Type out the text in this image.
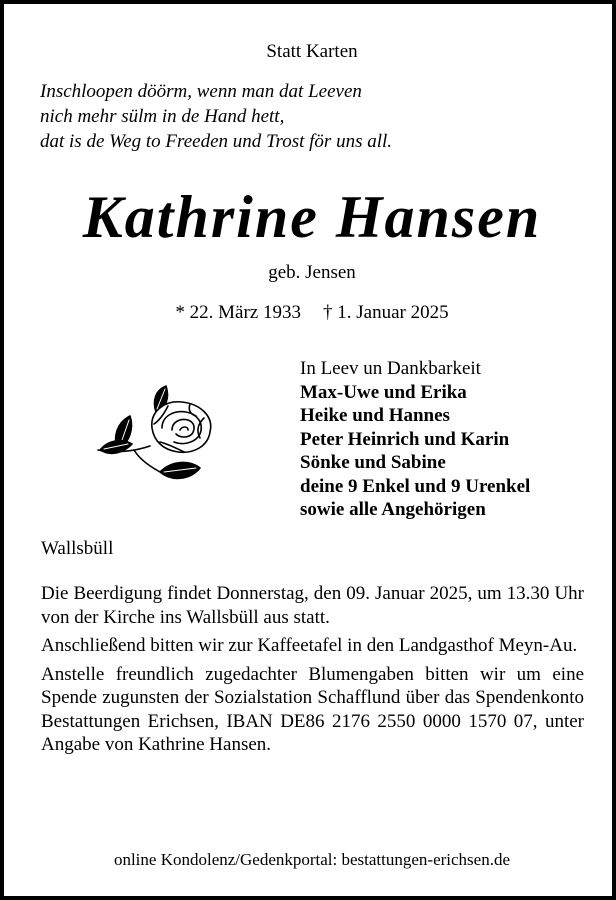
Statt Karten
Inschloopen döörm, wenn man dat Leeven
nich mehr sülm in de Hand hett,
dat is de Weg to Freeden und Trost för uns all.
Kathrine Hansen
geb. Jensen
* 22. März 1933 † 1. Januar 2025
In Leev un Dankbarkeit
Max-Uwe und Erika
Heike und Hannes
Peter Heinrich und Karin
Sönke und Sabine
deine 9 Enkel und 9 Urenkel
sowie alle Angehörigen
Wallsbüll

Die Beerdigung findet Donnerstag, den 09. Januar 2025, um 13.30 Uhr von der Kirche ins Wallsbüll aus statt.

Anschließend bitten wir zur Kaffeetafel in den Landgasthof Meyn-Au.

Anstelle freundlich zugedachter Blumengaben bitten wir um eine Spende zugunsten der Sozialstation Schafflund über das Spendenkonto Bestattungen Erichsen, IBAN DE86 2176 2550 0000 1570 07, unter Angabe von Kathrine Hansen.

online Kondolenz/Gedenkportal: bestattungen-erichsen.de
